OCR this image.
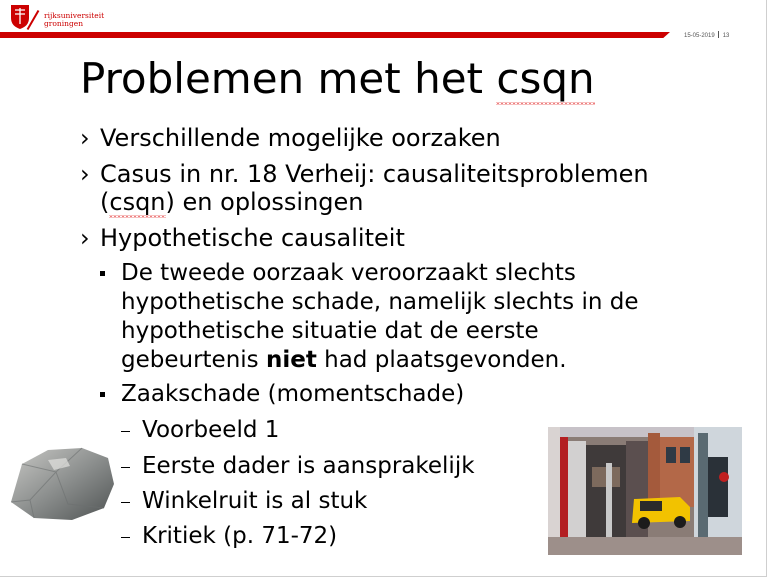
rijksuniversiteit
groningen
15-05-2019 13
Problemen met het csqn
› Verschillende mogelijke oorzaken
› Casus in nr. 18 Verheij: causaliteitsproblemen
(csqn) en oplossingen
› Hypothetische causaliteit
De tweede oorzaak veroorzaakt slechts
hypothetische schade, namelijk slechts in de
hypothetische situatie dat de eerste
gebeurtenis niet had plaatsgevonden.
Zaakschade (momentschade)
Voorbeeld 1
Eerste dader is aansprakelijk
Winkelruit is al stuk
Kritiek (p. 71-72)
